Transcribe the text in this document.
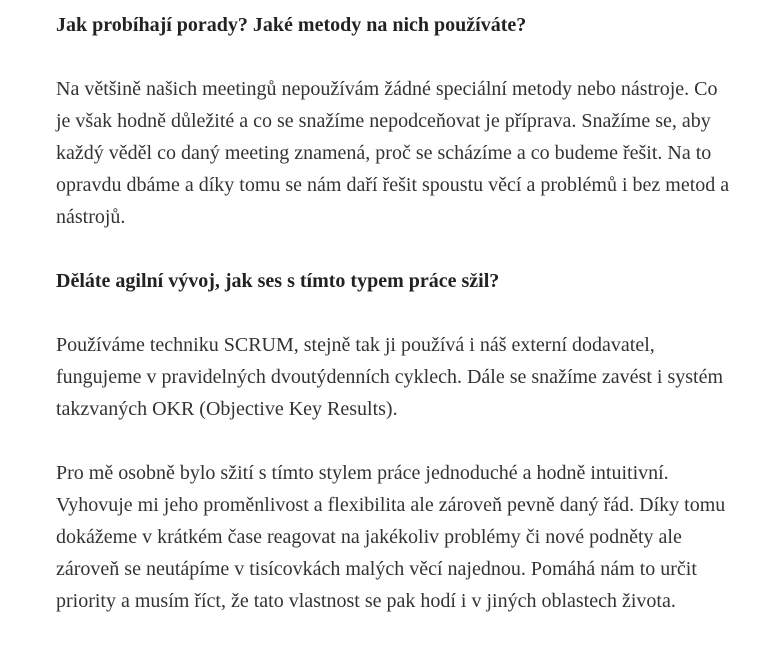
Jak probíhají porady? Jaké metody na nich používáte?

Na většině našich meetingů nepoužívám žádné speciální metody nebo nástroje. Co je však hodně důležité a co se snažíme nepodceňovat je příprava. Snažíme se, aby každý věděl co daný meeting znamená, proč se scházíme a co budeme řešit. Na to opravdu dbáme a díky tomu se nám daří řešit spoustu věcí a problémů i bez metod a nástrojů.

Děláte agilní vývoj, jak ses s tímto typem práce sžil?

Používáme techniku SCRUM, stejně tak ji používá i náš externí dodavatel, fungujeme v pravidelných dvoutýdenních cyklech. Dále se snažíme zavést i systém takzvaných OKR (Objective Key Results).

Pro mě osobně bylo sžití s tímto stylem práce jednoduché a hodně intuitivní. Vyhovuje mi jeho proměnlivost a flexibilita ale zároveň pevně daný řád. Díky tomu dokážeme v krátkém čase reagovat na jakékoliv problémy či nové podněty ale zároveň se neutápíme v tisícovkách malých věcí najednou. Pomáhá nám to určit priority a musím říct, že tato vlastnost se pak hodí i v jiných oblastech života.
